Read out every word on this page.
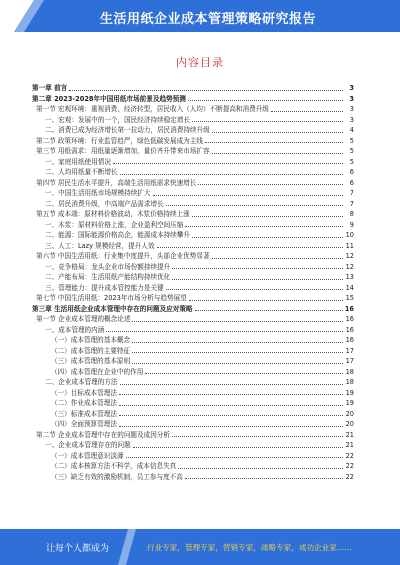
生活用纸企业成本管理策略研究报告
内容目录
第一章 前言	3
第二章 2023-2028年中国用纸市场前景及趋势预测	3
第一节 宏观环境：重视消费、经济转型，居民收入（人均）不断提高和消费升级	3
一、宏观：发展中的一个，国民经济持续稳定增长	3
二、消费已成为经济增长第一拉动力，居民消费持续升级	4
第二节 政策环境：行业监管趋严，绿色低碳发展成为主线	5
第三节 用纸需求：用纸量逐渐增加，量价齐升带来市场扩容	5
一、家庭用纸使用情况	5
二、人均用纸量不断增长	6
第四节 居民生活水平提升，高端生活用纸需求快速增长	6
一、中国生活用纸市场规模持续扩大	7
二、居民消费升级，中高端产品需求增长	7
第五节 成本端：原材料价格波动，木浆价格持续上涨	8
一、木浆：原材料价格上涨，企业盈利空间压缩	9
二、能源：国际能源价格高企，能源成本持续攀升	10
三、人工：Lazy 规模经营，提升人效	11
第六节 中国生活用纸：行业集中度提升，头部企业优势显著	12
一、竞争格局：龙头企业市场份额持续提升	12
二、产能布局：生活用纸产能结构持续优化	13
三、管理能力：提升成本管控能力是关键	14
第七节 中国生活用纸：2023年市场分析与趋势展望	15
第三章 生活用纸企业成本管理中存在的问题及应对策略	16
第一节 企业成本管理的概念论述	16
一、成本管理的内涵	16
（一）成本管理的基本概念	16
（二）成本管理的主要特征	17
（三）成本管理的基本原则	17
（四）成本管理在企业中的作用	18
二、企业成本管理的方法	18
（一）目标成本管理法	19
（二）作业成本管理法	19
（三）标准成本管理法	20
（四）全面预算管理法	20
第二节 企业成本管理中存在的问题及成因分析	21
一、企业成本管理存在的问题	21
（一）成本管理意识淡薄	22
（二）成本核算方法不科学，成本信息失真	22
（三）缺乏有效的激励机制，员工参与度不高	22
让每个人都成为	行业专家，管理专家，营销专家，战略专家，成功企业家……
